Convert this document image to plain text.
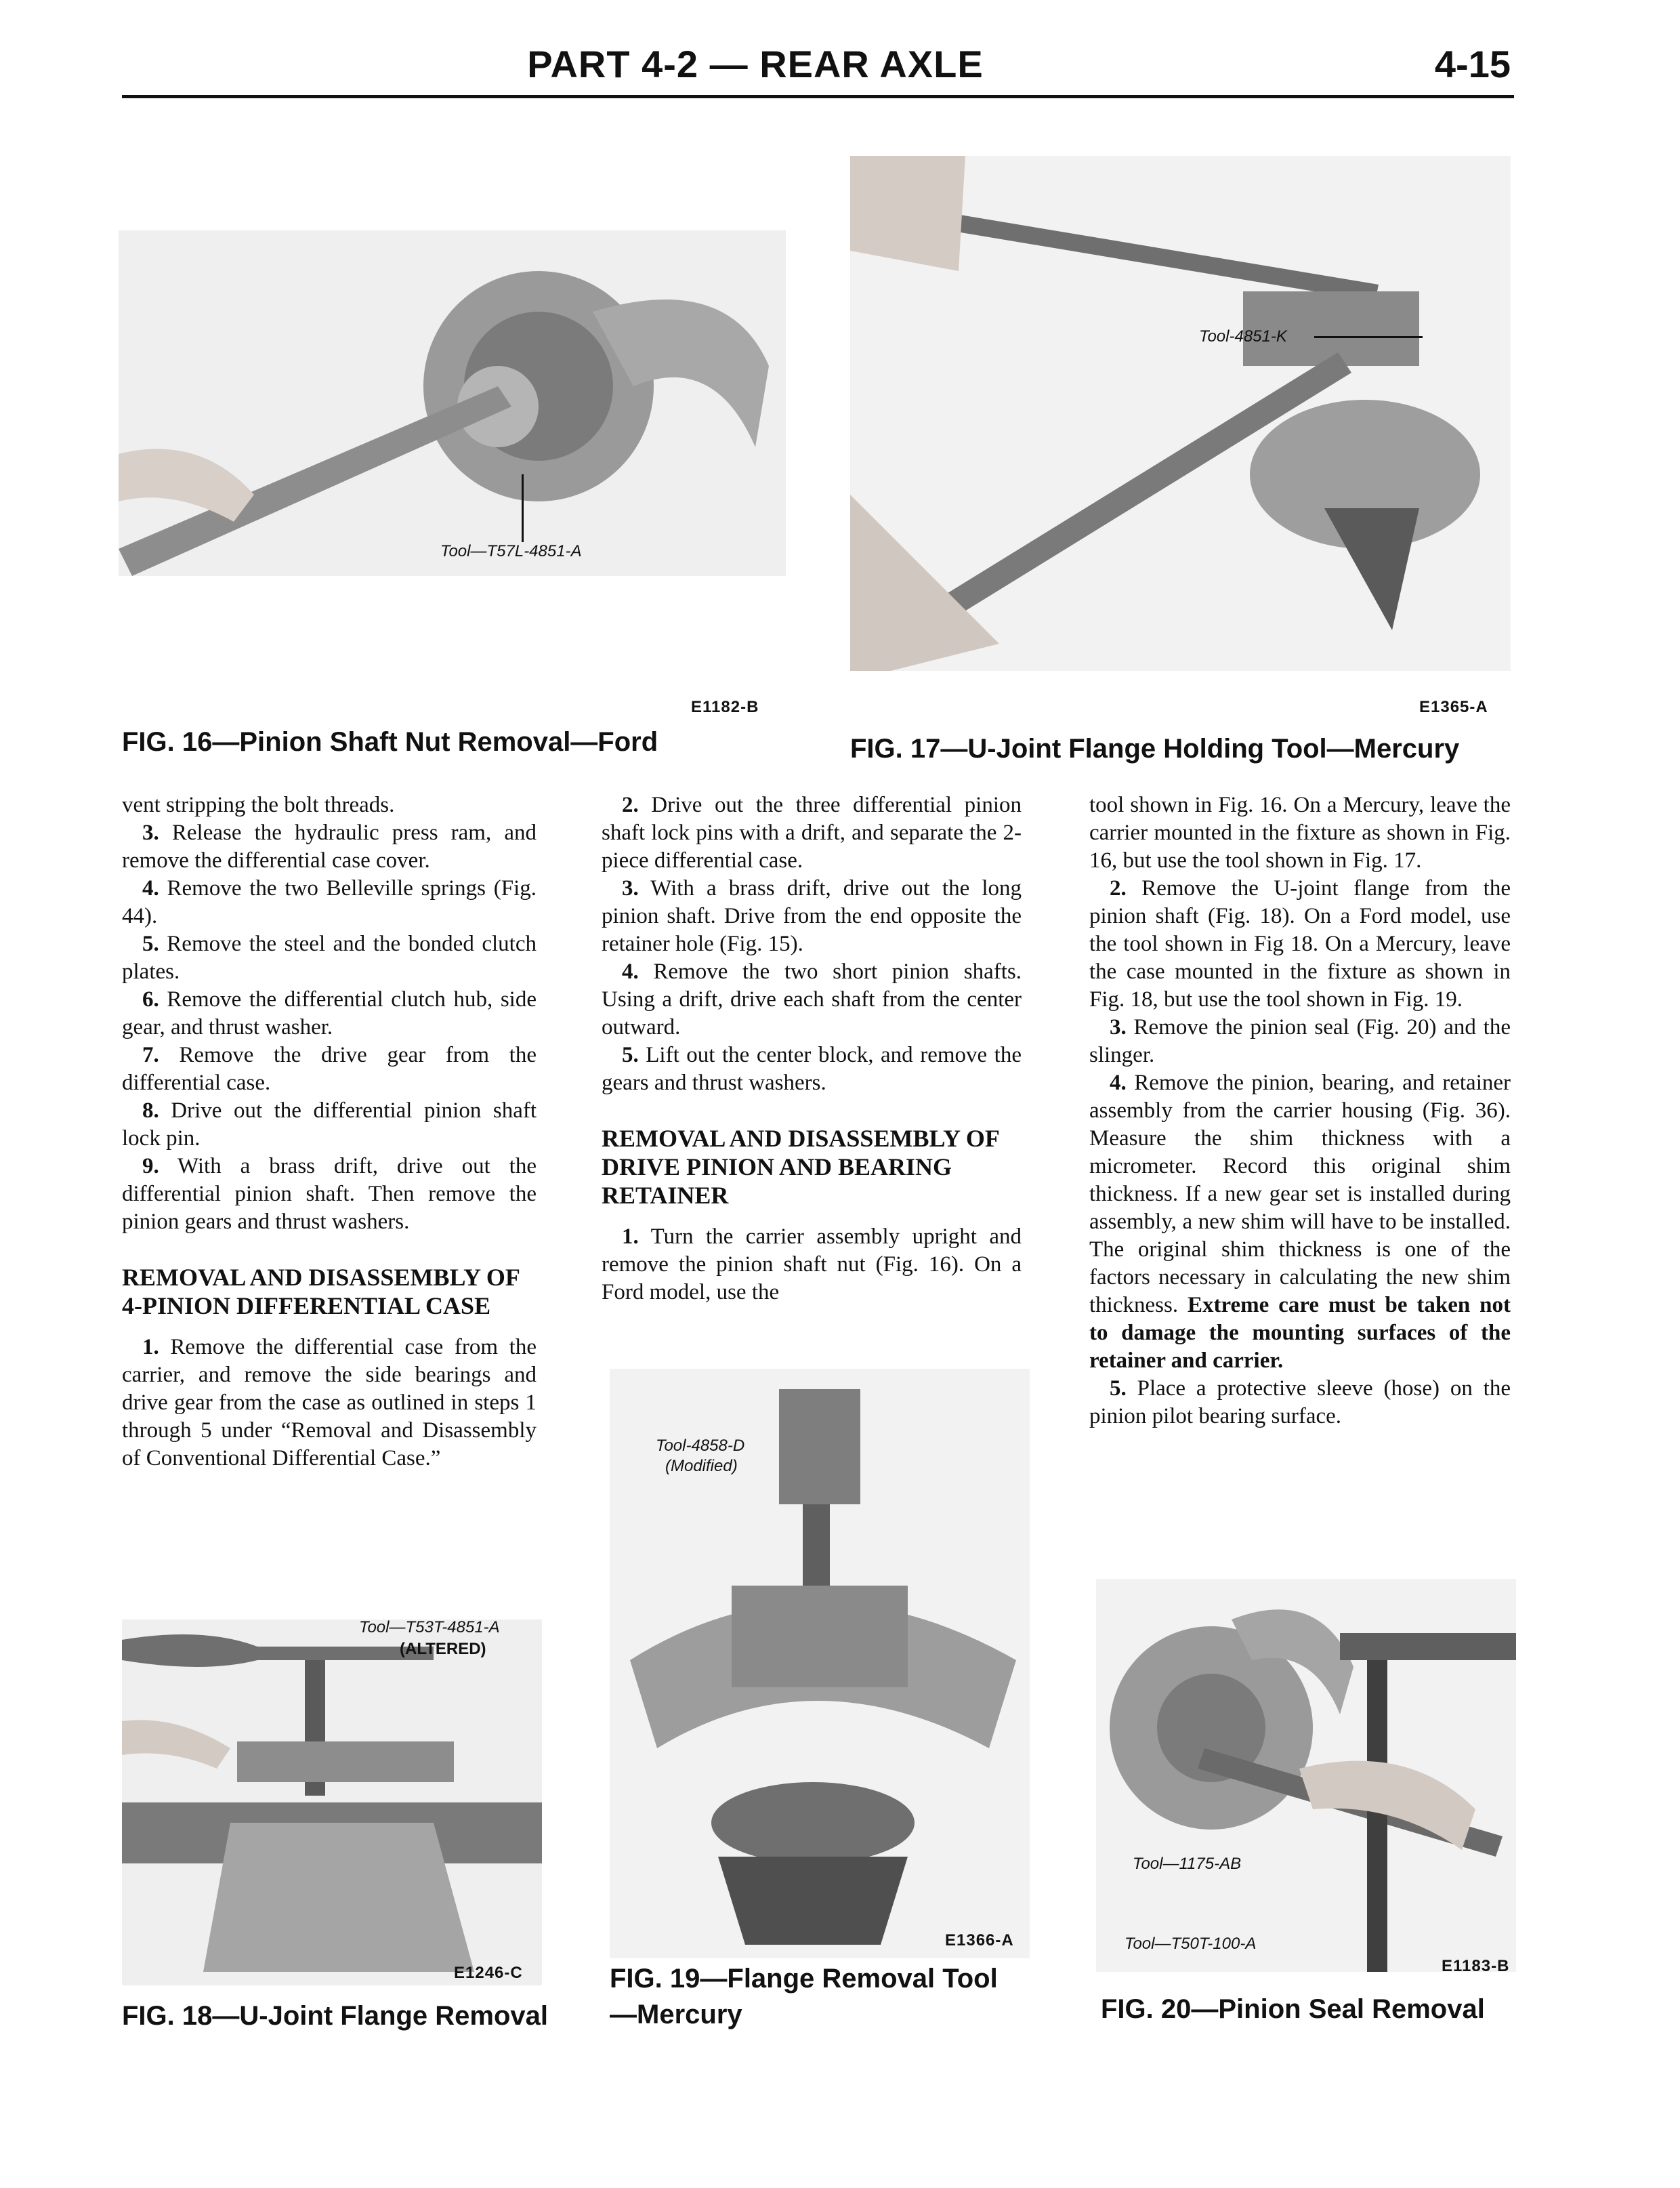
PART 4-2 — REAR AXLE	4-15
Tool—T57L-4851-A
E1182-B
FIG. 16—Pinion Shaft Nut Removal—Ford
Tool-4851-K
E1365-A
FIG. 17—U-Joint Flange Holding Tool—Mercury

vent stripping the bolt threads.

3. Release the hydraulic press ram, and remove the differential case cover.

4. Remove the two Belleville springs (Fig. 44).

5. Remove the steel and the bonded clutch plates.

6. Remove the differential clutch hub, side gear, and thrust washer.

7. Remove the drive gear from the differential case.

8. Drive out the differential pinion shaft lock pin.

9. With a brass drift, drive out the differential pinion shaft. Then remove the pinion gears and thrust washers.

REMOVAL AND DISASSEMBLY OF 4-PINION DIFFERENTIAL CASE

1. Remove the differential case from the carrier, and remove the side bearings and drive gear from the case as outlined in steps 1 through 5 under “Removal and Disassembly of Conventional Differential Case.”

2. Drive out the three differential pinion shaft lock pins with a drift, and separate the 2-piece differential case.

3. With a brass drift, drive out the long pinion shaft. Drive from the end opposite the retainer hole (Fig. 15).

4. Remove the two short pinion shafts. Using a drift, drive each shaft from the center outward.

5. Lift out the center block, and remove the gears and thrust washers.

REMOVAL AND DISASSEMBLY OF DRIVE PINION AND BEARING RETAINER

1. Turn the carrier assembly upright and remove the pinion shaft nut (Fig. 16). On a Ford model, use the

tool shown in Fig. 16. On a Mercury, leave the carrier mounted in the fixture as shown in Fig. 16, but use the tool shown in Fig. 17.

2. Remove the U-joint flange from the pinion shaft (Fig. 18). On a Ford model, use the tool shown in Fig 18. On a Mercury, leave the case mounted in the fixture as shown in Fig. 18, but use the tool shown in Fig. 19.

3. Remove the pinion seal (Fig. 20) and the slinger.

4. Remove the pinion, bearing, and retainer assembly from the carrier housing (Fig. 36). Measure the shim thickness with a micrometer. Record this original shim thickness. If a new gear set is installed during assembly, a new shim will have to be installed. The original shim thickness is one of the factors necessary in calculating the new shim thickness. Extreme care must be taken not to damage the mounting surfaces of the retainer and carrier.

5. Place a protective sleeve (hose) on the pinion pilot bearing surface.

Tool-4858-D
(Modified)
E1366-A
FIG. 19—Flange Removal Tool
—Mercury
Tool—T53T-4851-A
(ALTERED)
E1246-C
FIG. 18—U-Joint Flange Removal
Tool—1175-AB
Tool—T50T-100-A
E1183-B
FIG. 20—Pinion Seal Removal
